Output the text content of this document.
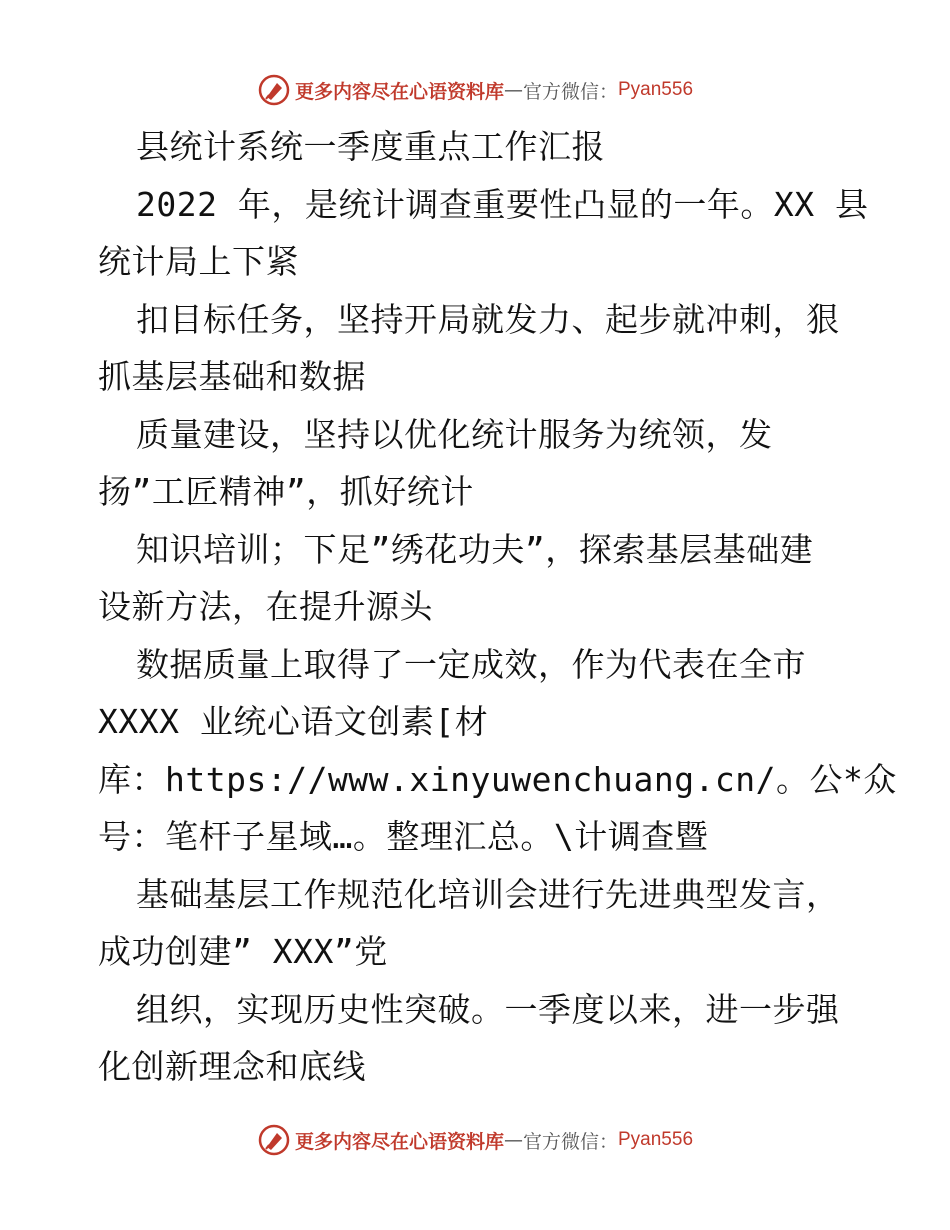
更多内容尽在心语资料库 — 官方微信： Pyan556
县统计系统一季度重点工作汇报
2022 年，是统计调查重要性凸显的一年。XX 县
统计局上下紧
扣目标任务，坚持开局就发力、起步就冲刺，狠
抓基层基础和数据
质量建设，坚持以优化统计服务为统领，发
扬”工匠精神”，抓好统计
知识培训；下足”绣花功夫”，探索基层基础建
设新方法，在提升源头
数据质量上取得了一定成效，作为代表在全市
XXXX 业统心语文创素[材
库：https://www.xinyuwenchuang.cn/。公*众
号：笔杆子星域…。整理汇总。\计调查暨
基础基层工作规范化培训会进行先进典型发言，
成功创建” XXX”党
组织，实现历史性突破。一季度以来，进一步强
化创新理念和底线
更多内容尽在心语资料库 — 官方微信： Pyan556
